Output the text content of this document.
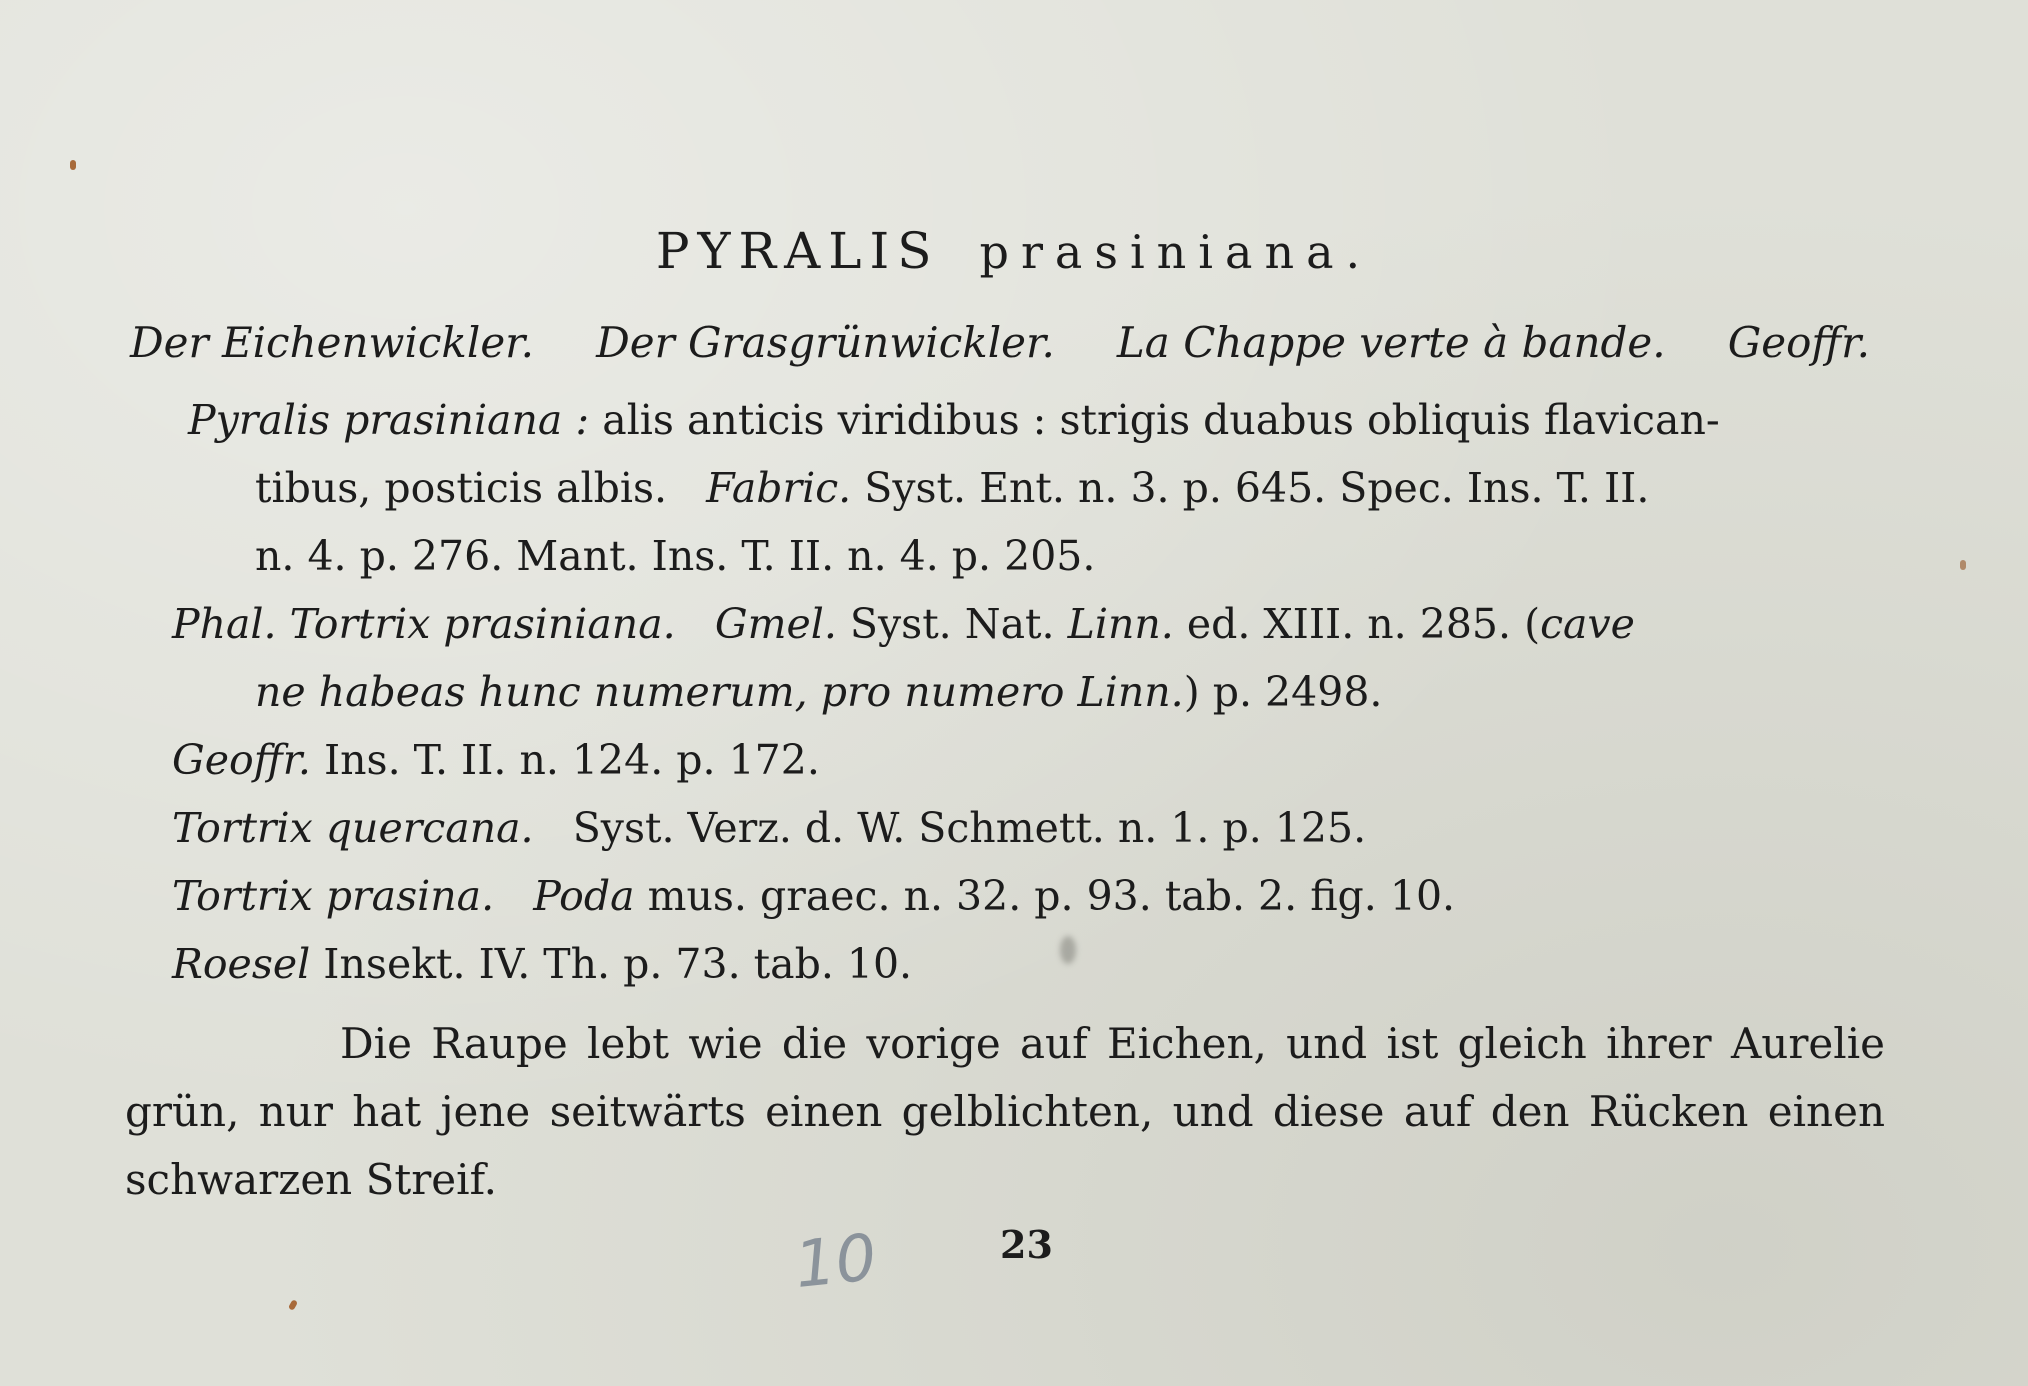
PYRALIS prasiniana.
Der Eichenwickler. Der Grasgrünwickler. La Chappe verte à bande. Geoffr.
Pyralis prasiniana : alis anticis viridibus : strigis duabus obliquis flavican-
tibus, posticis albis. Fabric. Syst. Ent. n. 3. p. 645. Spec. Ins. T. II.
n. 4. p. 276. Mant. Ins. T. II. n. 4. p. 205.
Phal. Tortrix prasiniana. Gmel. Syst. Nat. Linn. ed. XIII. n. 285. (cave
ne habeas hunc numerum, pro numero Linn.) p. 2498.
Geoffr. Ins. T. II. n. 124. p. 172.
Tortrix quercana. Syst. Verz. d. W. Schmett. n. 1. p. 125.
Tortrix prasina. Poda mus. graec. n. 32. p. 93. tab. 2. fig. 10.
Roesel Insekt. IV. Th. p. 73. tab. 10.
Die Raupe lebt wie die vorige auf Eichen, und ist gleich ihrer Aurelie grün, nur hat jene seitwärts einen gelblichten, und diese auf den Rücken einen schwarzen Streif.
10	23
